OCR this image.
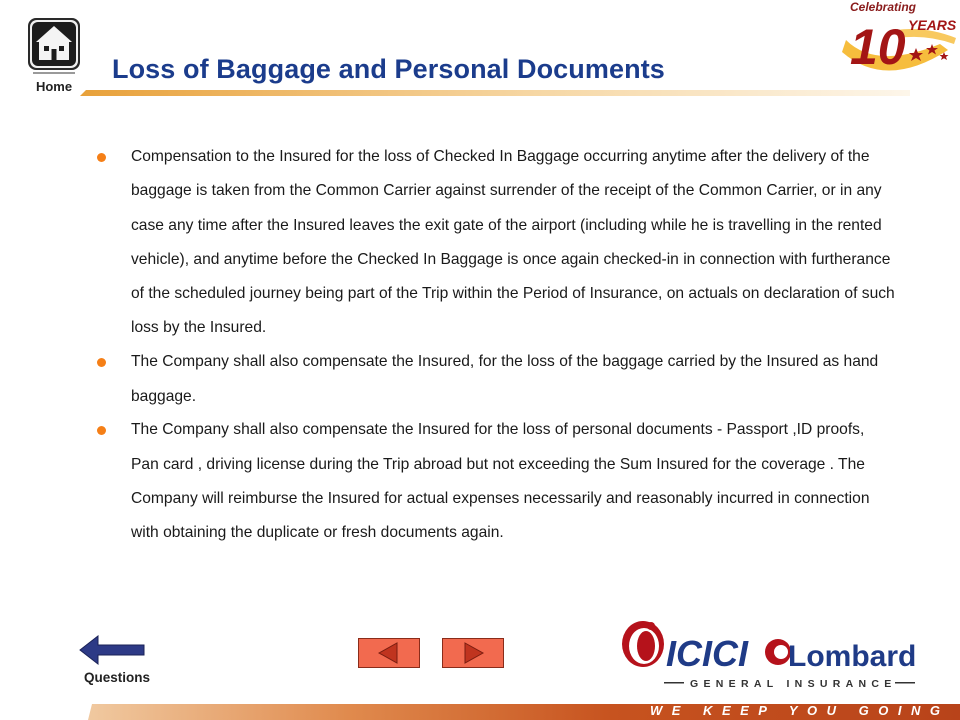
Home
Loss of Baggage and Personal Documents
Celebrating
10 YEARS
Compensation to the Insured for the loss of Checked In Baggage occurring anytime after the delivery of the baggage is taken from the Common Carrier against surrender of the receipt of the Common Carrier, or in any case any time after the Insured leaves the exit gate of the airport (including while he is travelling in the rented vehicle), and anytime before the Checked In Baggage is once again checked-in in connection with furtherance of the scheduled journey being part of the Trip within the Period of Insurance, on actuals on declaration of such loss by the Insured.
The Company shall also compensate the Insured, for the loss of the baggage carried by the Insured as hand baggage.
The Company shall also compensate the Insured for the loss of personal documents - Passport ,ID proofs, Pan card , driving license during the Trip abroad but not exceeding the Sum Insured for the coverage . The Company will reimburse the Insured for actual expenses necessarily and reasonably incurred in connection with obtaining the duplicate or fresh documents again.
Questions
ICICI Lombard
GENERAL INSURANCE
WE KEEP YOU GOING
